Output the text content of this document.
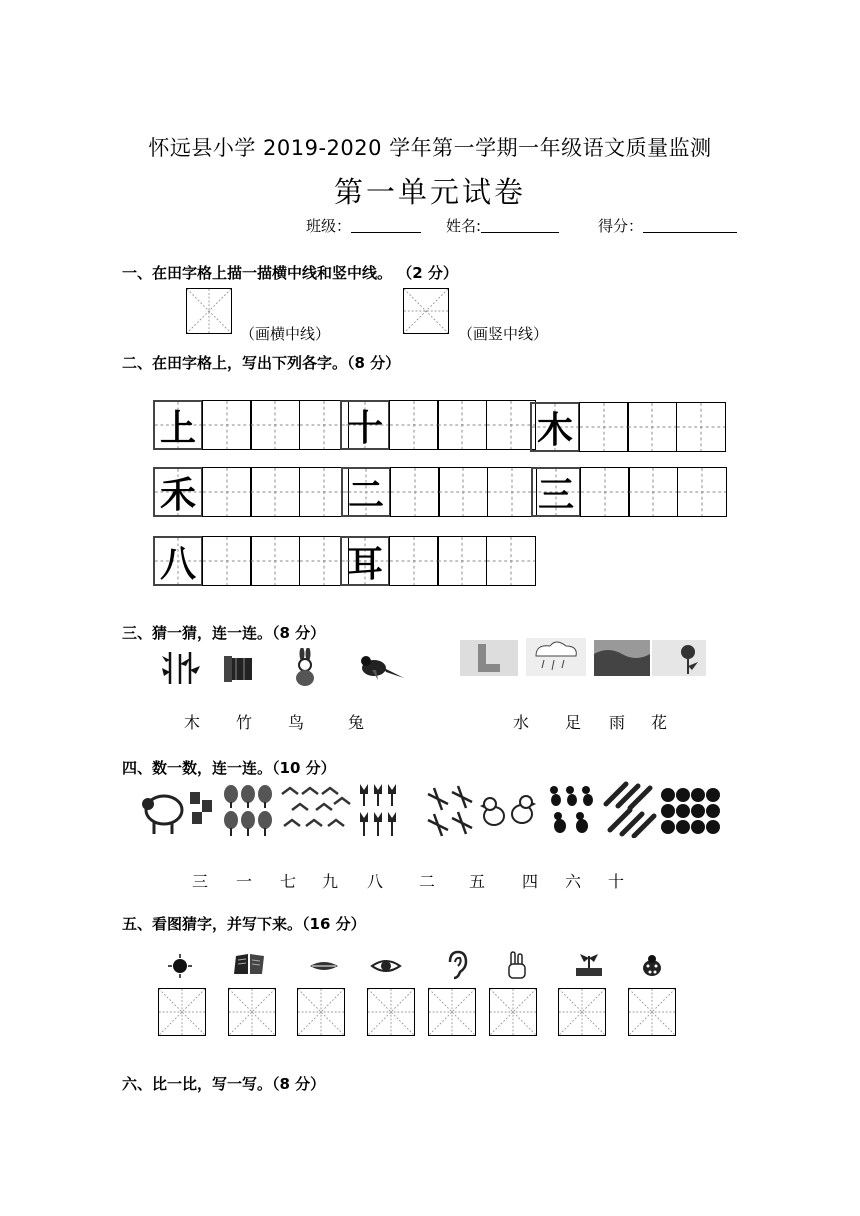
怀远县小学 2019-2020 学年第一学期一年级语文质量监测
第一单元试卷
班级：	姓名:	得分：
一、在田字格上描一描横中线和竖中线。 （2 分）
（画横中线）	（画竖中线）
二、在田字格上，写出下列各字。（8 分）
上	十	木
禾	二	三
八	耳
三、猜一猜，连一连。（8 分）
木 竹 鸟	兔	水 足 雨 花
四、数一数，连一连。（10 分）
三 一 七 九 八 二 五 四 六 十
五、看图猜字，并写下来。（16 分）
六、比一比，写一写。（8 分）
